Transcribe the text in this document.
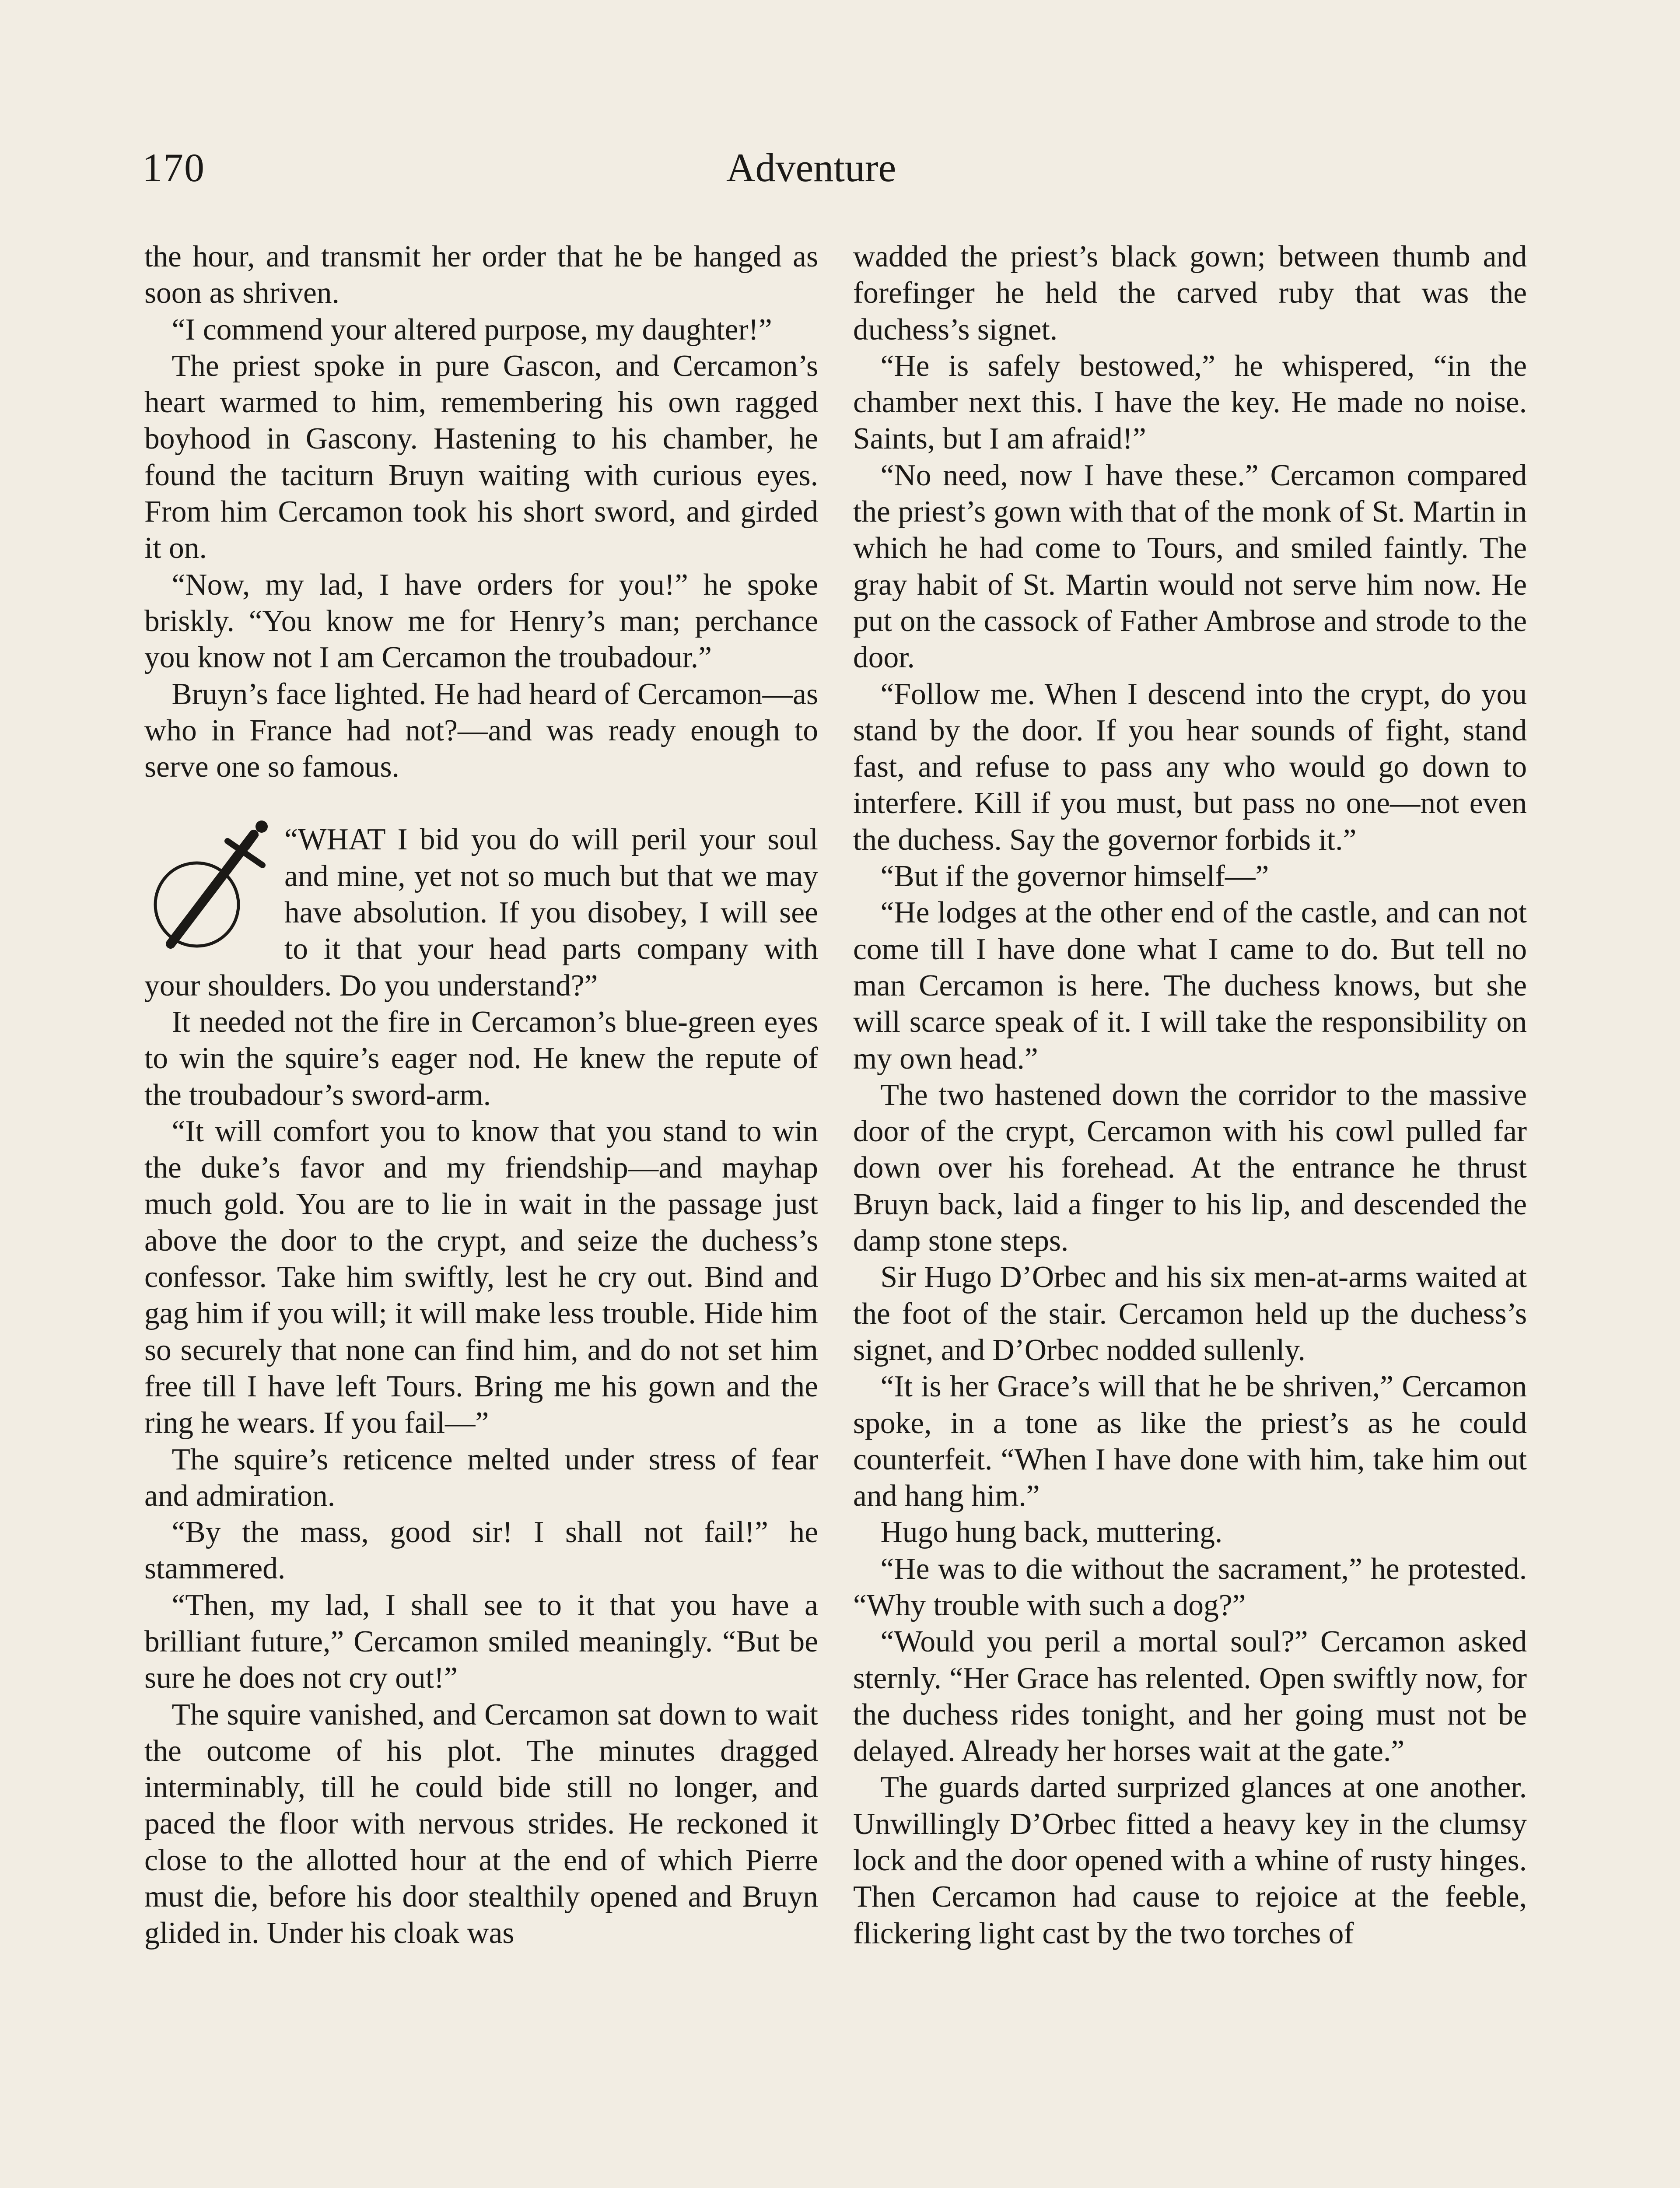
170	Adventure

the hour, and transmit her order that he be hanged as soon as shriven.

“I commend your altered purpose, my daughter!”

The priest spoke in pure Gascon, and Cercamon’s heart warmed to him, remembering his own ragged boyhood in Gascony. Hastening to his chamber, he found the taciturn Bruyn waiting with curious eyes. From him Cercamon took his short sword, and girded it on.

“Now, my lad, I have orders for you!” he spoke briskly. “You know me for Henry’s man; perchance you know not I am Cercamon the troubadour.”

Bruyn’s face lighted. He had heard of Cercamon—as who in France had not?—and was ready enough to serve one so famous.

“WHAT I bid you do will peril your soul and mine, yet not so much but that we may have absolution. If you disobey, I will see to it that your head parts company with your shoulders. Do you understand?”

It needed not the fire in Cercamon’s blue-green eyes to win the squire’s eager nod. He knew the repute of the troubadour’s sword-arm.

“It will comfort you to know that you stand to win the duke’s favor and my friendship—and mayhap much gold. You are to lie in wait in the passage just above the door to the crypt, and seize the duchess’s confessor. Take him swiftly, lest he cry out. Bind and gag him if you will; it will make less trouble. Hide him so securely that none can find him, and do not set him free till I have left Tours. Bring me his gown and the ring he wears. If you fail—”

The squire’s reticence melted under stress of fear and admiration.

“By the mass, good sir! I shall not fail!” he stammered.

“Then, my lad, I shall see to it that you have a brilliant future,” Cercamon smiled meaningly. “But be sure he does not cry out!”

The squire vanished, and Cercamon sat down to wait the outcome of his plot. The minutes dragged interminably, till he could bide still no longer, and paced the floor with nervous strides. He reckoned it close to the allotted hour at the end of which Pierre must die, before his door stealthily opened and Bruyn glided in. Under his cloak was

wadded the priest’s black gown; between thumb and forefinger he held the carved ruby that was the duchess’s signet.

“He is safely bestowed,” he whispered, “in the chamber next this. I have the key. He made no noise. Saints, but I am afraid!”

“No need, now I have these.” Cercamon compared the priest’s gown with that of the monk of St. Martin in which he had come to Tours, and smiled faintly. The gray habit of St. Martin would not serve him now. He put on the cassock of Father Ambrose and strode to the door.

“Follow me. When I descend into the crypt, do you stand by the door. If you hear sounds of fight, stand fast, and refuse to pass any who would go down to interfere. Kill if you must, but pass no one—not even the duchess. Say the governor forbids it.”

“But if the governor himself—”

“He lodges at the other end of the castle, and can not come till I have done what I came to do. But tell no man Cercamon is here. The duchess knows, but she will scarce speak of it. I will take the responsibility on my own head.”

The two hastened down the corridor to the massive door of the crypt, Cercamon with his cowl pulled far down over his forehead. At the entrance he thrust Bruyn back, laid a finger to his lip, and descended the damp stone steps.

Sir Hugo D’Orbec and his six men-at-arms waited at the foot of the stair. Cercamon held up the duchess’s signet, and D’Orbec nodded sullenly.

“It is her Grace’s will that he be shriven,” Cercamon spoke, in a tone as like the priest’s as he could counterfeit. “When I have done with him, take him out and hang him.”

Hugo hung back, muttering.

“He was to die without the sacrament,” he protested. “Why trouble with such a dog?”

“Would you peril a mortal soul?” Cercamon asked sternly. “Her Grace has relented. Open swiftly now, for the duchess rides tonight, and her going must not be delayed. Already her horses wait at the gate.”

The guards darted surprized glances at one another. Unwillingly D’Orbec fitted a heavy key in the clumsy lock and the door opened with a whine of rusty hinges. Then Cercamon had cause to rejoice at the feeble, flickering light cast by the two torches of
